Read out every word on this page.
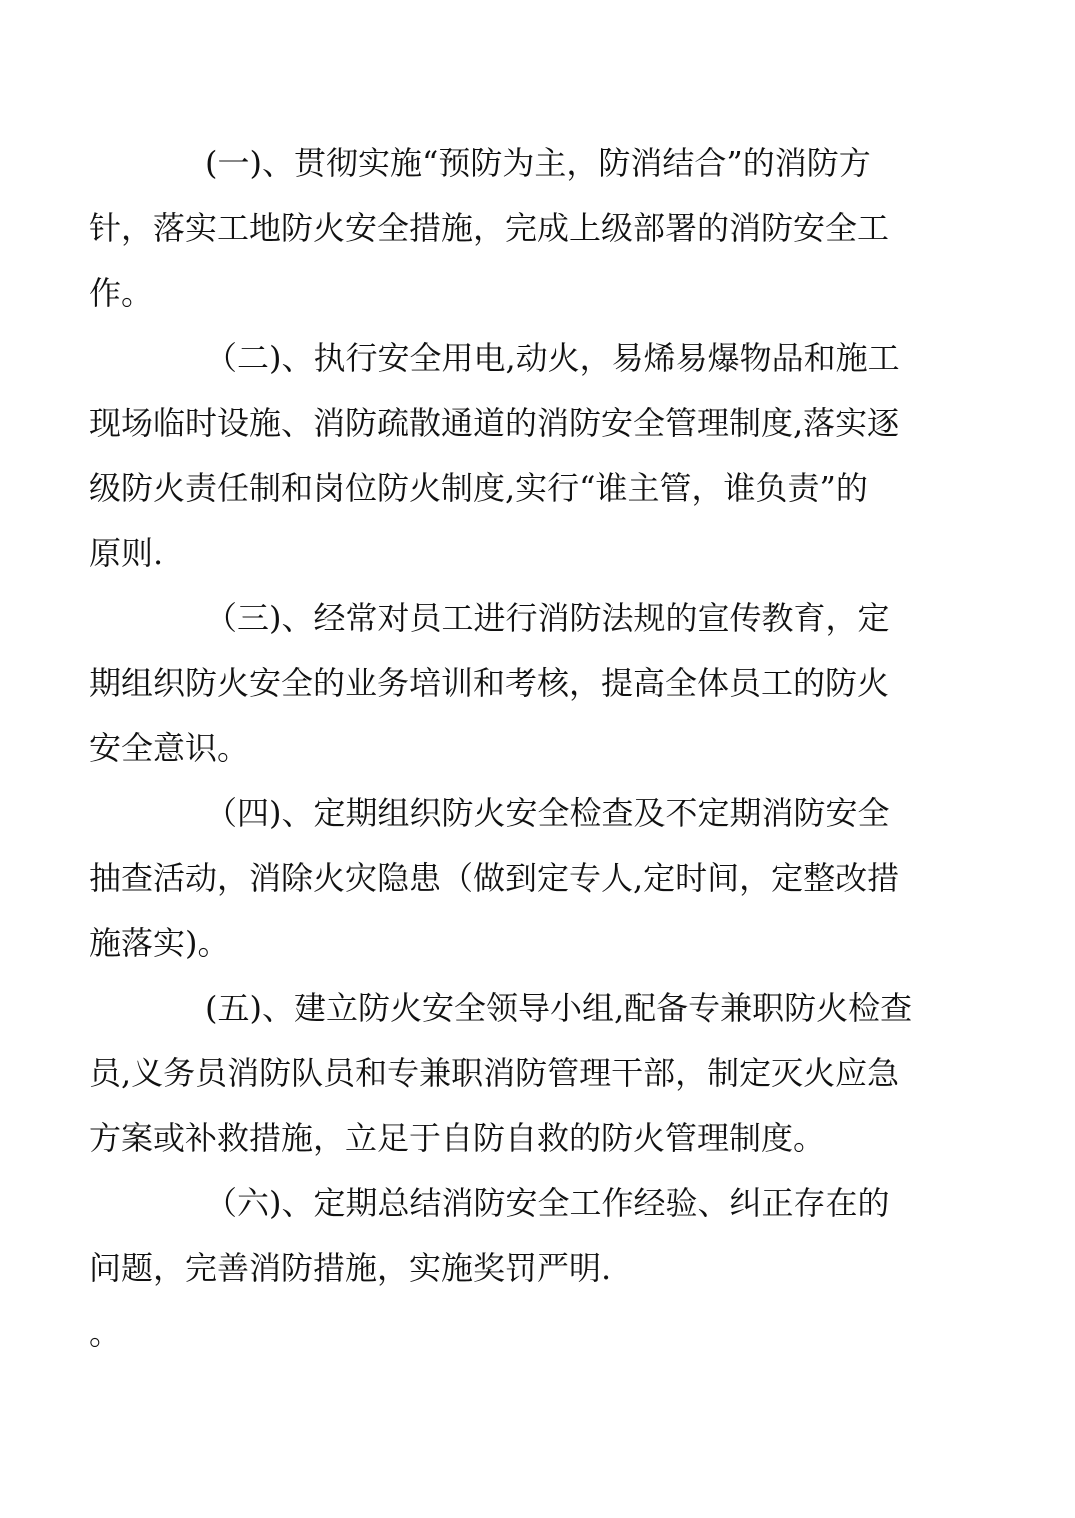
(一)、贯彻实施“预防为主，防消结合”的消防方
针，落实工地防火安全措施，完成上级部署的消防安全工
作。
（二)、执行安全用电,动火，易烯易爆物品和施工
现场临时设施、消防疏散通道的消防安全管理制度,落实逐
级防火责任制和岗位防火制度,实行“谁主管，谁负责”的
原则.
（三)、经常对员工进行消防法规的宣传教育，定
期组织防火安全的业务培训和考核，提高全体员工的防火
安全意识。
（四)、定期组织防火安全检查及不定期消防安全
抽查活动，消除火灾隐患（做到定专人,定时间，定整改措
施落实)。
(五)、建立防火安全领导小组,配备专兼职防火检查
员,义务员消防队员和专兼职消防管理干部，制定灭火应急
方案或补救措施，立足于自防自救的防火管理制度。
（六)、定期总结消防安全工作经验、纠正存在的
问题，完善消防措施，实施奖罚严明.
。
